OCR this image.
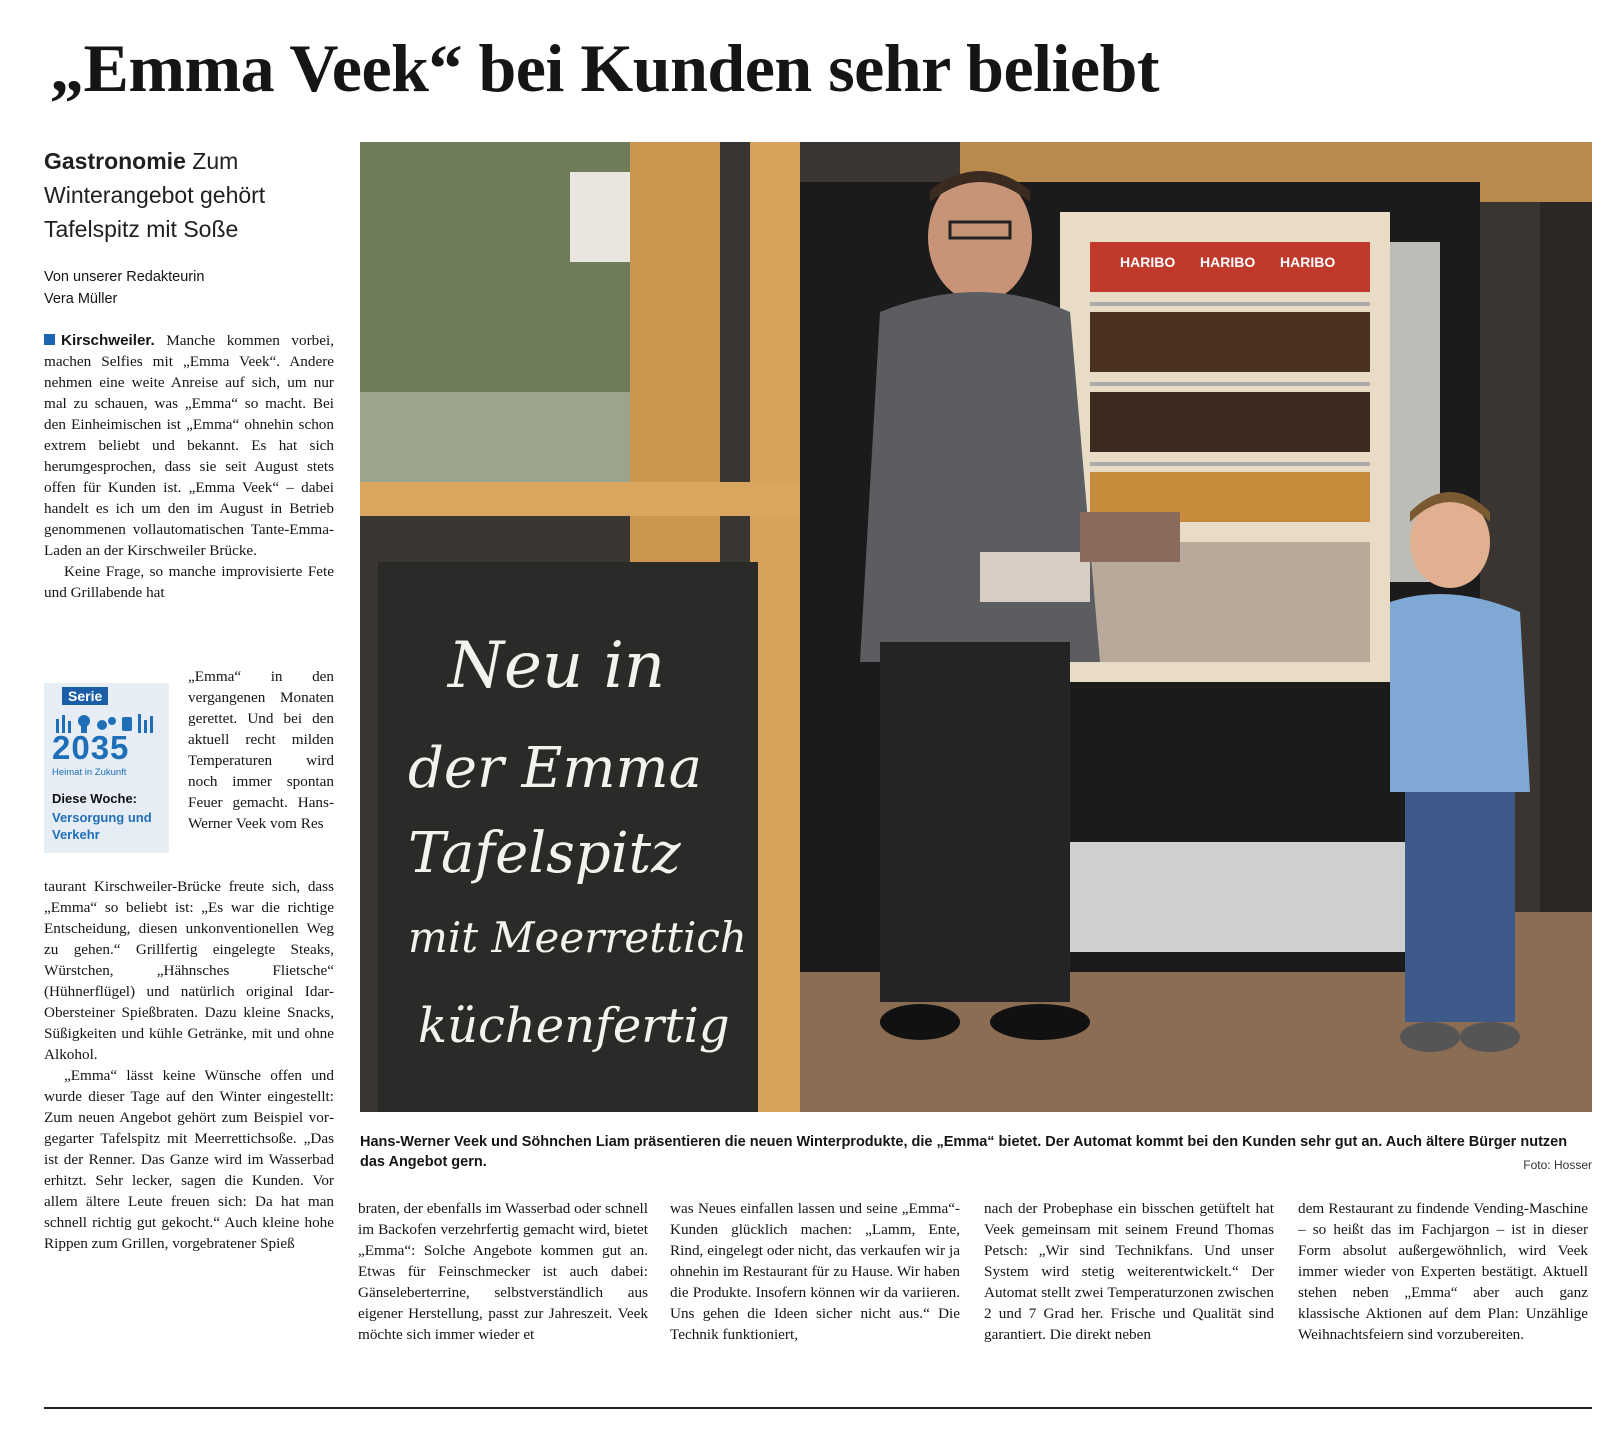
„Emma Veek“ bei Kunden sehr beliebt
Gastronomie Zum Winterangebot gehört Tafelspitz mit Soße
Von unserer Redakteurin
Vera Müller

Kirschweiler. Manche kommen vorbei, machen Selfies mit „Emma Veek“. Andere nehmen eine weite Anreise auf sich, um nur mal zu schauen, was „Emma“ so macht. Bei den Einheimischen ist „Emma“ ohnehin schon extrem beliebt und bekannt. Es hat sich herumgesprochen, dass sie seit August stets offen für Kunden ist. „Emma Veek“ – dabei handelt es ich um den im August in Betrieb genommenen vollautomatischen Tante-Emma-Laden an der Kirschweiler Brücke.

Keine Frage, so manche improvisierte Fete und Grillabende hat

Serie
2035
Heimat in Zukunft
Diese Woche:
Versorgung und Verkehr

„Emma“ in den vergangenen Monaten gerettet. Und bei den aktuell recht milden Temperaturen wird noch immer spontan Feuer gemacht. Hans-Werner Veek vom Res

taurant Kirschweiler-Brücke freute sich, dass „Emma“ so beliebt ist: „Es war die richtige Entscheidung, diesen unkonventionellen Weg zu gehen.“ Grillfertig eingelegte Steaks, Würstchen, „Hähnsches Flietsche“ (Hühnerflügel) und natürlich original Idar-Obersteiner Spießbraten. Dazu kleine Snacks, Süßigkeiten und kühle Getränke, mit und ohne Alkohol.

„Emma“ lässt keine Wünsche offen und wurde dieser Tage auf den Winter eingestellt: Zum neuen Angebot gehört zum Beispiel vorgegarter Tafelspitz mit Meerrettichsoße. „Das ist der Renner. Das Ganze wird im Wasserbad erhitzt. Sehr lecker, sagen die Kunden. Vor allem ältere Leute freuen sich: Da hat man schnell richtig gut gekocht.“ Auch kleine hohe Rippen zum Grillen, vorgebratener Spieß

braten, der ebenfalls im Wasserbad oder schnell im Backofen verzehrfertig gemacht wird, bietet „Emma“: Solche Angebote kommen gut an. Etwas für Feinschmecker ist auch dabei: Gänseleberterrine, selbstverständlich aus eigener Herstellung, passt zur Jahreszeit. Veek möchte sich immer wieder et

was Neues einfallen lassen und seine „Emma“-Kunden glücklich machen: „Lamm, Ente, Rind, eingelegt oder nicht, das verkaufen wir ja ohnehin im Restaurant für zu Hause. Wir haben die Produkte. Insofern können wir da variieren. Uns gehen die Ideen sicher nicht aus.“ Die Technik funktioniert,

nach der Probephase ein bisschen getüftelt hat Veek gemeinsam mit seinem Freund Thomas Petsch: „Wir sind Technikfans. Und unser System wird stetig weiterentwickelt.“ Der Automat stellt zwei Temperaturzonen zwischen 2 und 7 Grad her. Frische und Qualität sind garantiert. Die direkt neben

dem Restaurant zu findende Vending-Maschine – so heißt das im Fachjargon – ist in dieser Form absolut außergewöhnlich, wird Veek immer wieder von Experten bestätigt. Aktuell stehen neben „Emma“ aber auch ganz klassische Aktionen auf dem Plan: Unzählige Weihnachtsfeiern sind vorzubereiten.

HARIBO HARIBO HARIBO
Neu in
der Emma
Tafelspitz
mit Meerrettich
küchenfertig
Hans-Werner Veek und Söhnchen Liam präsentieren die neuen Winterprodukte, die „Emma“ bietet. Der Automat kommt bei den Kunden sehr gut an. Auch ältere Bürger nutzen das Angebot gern.	Foto: Hosser
